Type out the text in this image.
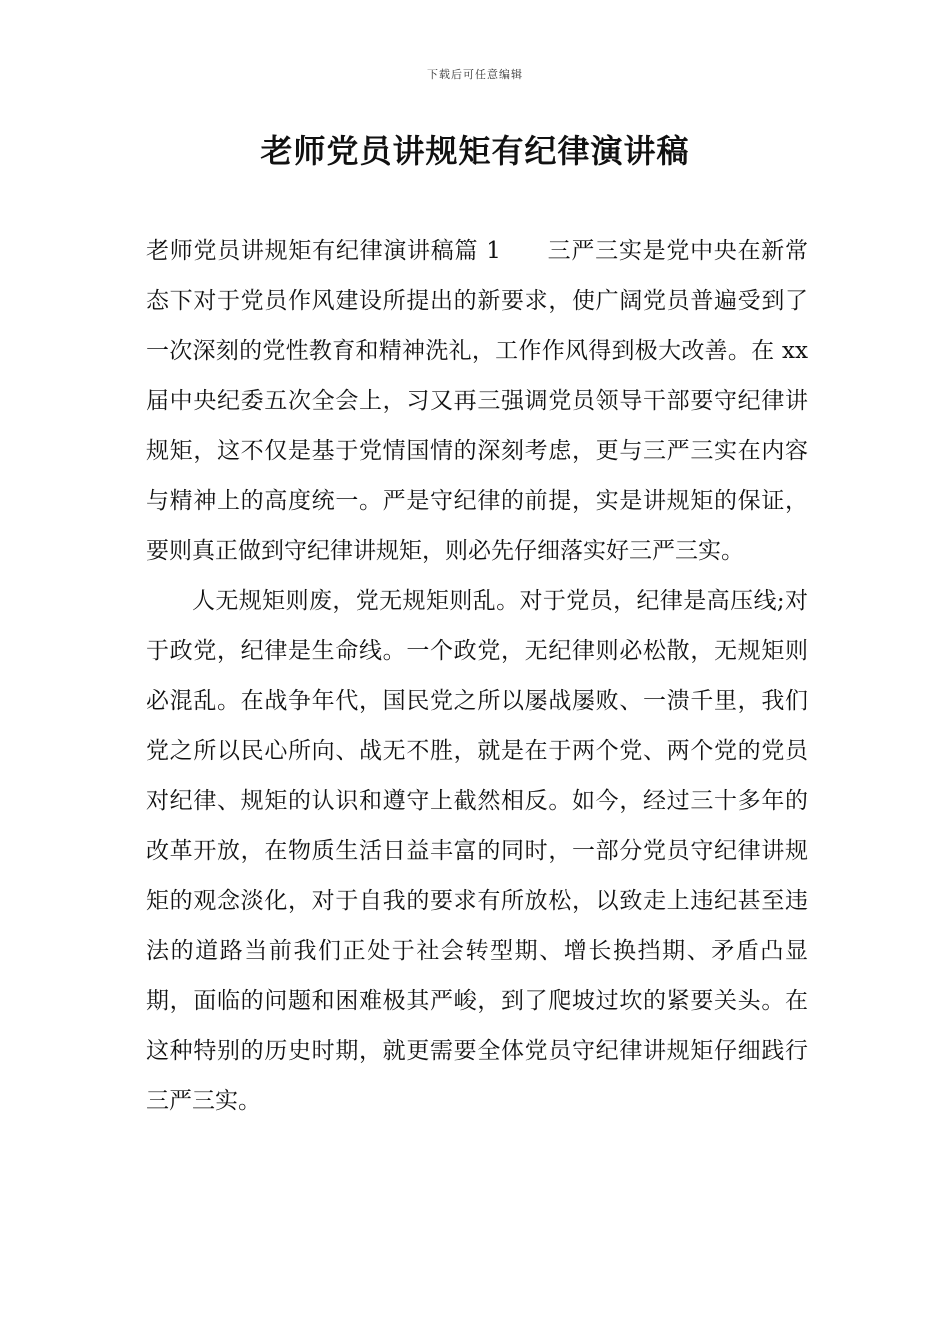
下载后可任意编辑
老师党员讲规矩有纪律演讲稿

老师党员讲规矩有纪律演讲稿篇 1 三严三实是党中央在新常态下对于党员作风建设所提出的新要求，使广阔党员普遍受到了一次深刻的党性教育和精神洗礼，工作作风得到极大改善。在 xx 届中央纪委五次全会上，习又再三强调党员领导干部要守纪律讲规矩，这不仅是基于党情国情的深刻考虑，更与三严三实在内容与精神上的高度统一。严是守纪律的前提，实是讲规矩的保证，要则真正做到守纪律讲规矩，则必先仔细落实好三严三实。

人无规矩则废，党无规矩则乱。对于党员，纪律是高压线;对于政党，纪律是生命线。一个政党，无纪律则必松散，无规矩则必混乱。在战争年代，国民党之所以屡战屡败、一溃千里，我们党之所以民心所向、战无不胜，就是在于两个党、两个党的党员对纪律、规矩的认识和遵守上截然相反。如今，经过三十多年的改革开放，在物质生活日益丰富的同时，一部分党员守纪律讲规矩的观念淡化，对于自我的要求有所放松，以致走上违纪甚至违法的道路当前我们正处于社会转型期、增长换挡期、矛盾凸显期，面临的问题和困难极其严峻，到了爬坡过坎的紧要关头。在这种特别的历史时期，就更需要全体党员守纪律讲规矩仔细践行三严三实。
